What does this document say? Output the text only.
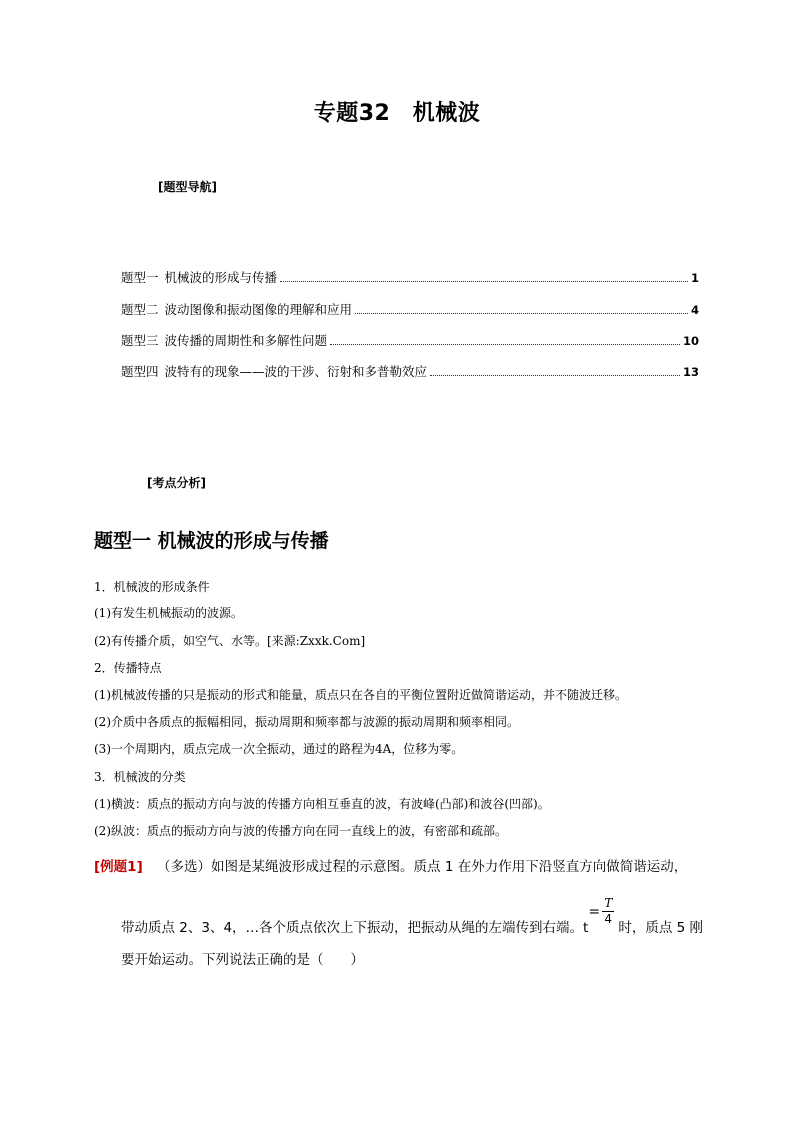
专题32　机械波
[题型导航]
题型一 机械波的形成与传播	1
题型二 波动图像和振动图像的理解和应用	4
题型三 波传播的周期性和多解性问题	10
题型四 波特有的现象——波的干涉、衍射和多普勒效应	13
[考点分析]
题型一 机械波的形成与传播
1．机械波的形成条件
(1)有发生机械振动的波源。
(2)有传播介质，如空气、水等。[来源:Zxxk.Com]
2．传播特点
(1)机械波传播的只是振动的形式和能量，质点只在各自的平衡位置附近做简谐运动，并不随波迁移。
(2)介质中各质点的振幅相同，振动周期和频率都与波源的振动周期和频率相同。
(3)一个周期内，质点完成一次全振动，通过的路程为4A，位移为零。
3．机械波的分类
(1)横波：质点的振动方向与波的传播方向相互垂直的波，有波峰(凸部)和波谷(凹部)。
(2)纵波：质点的振动方向与波的传播方向在同一直线上的波，有密部和疏部。
[例题1] （多选）如图是某绳波形成过程的示意图。质点 1 在外力作用下沿竖直方向做简谐运动，
带动质点 2、3、4，…各个质点依次上下振动，把振动从绳的左端传到右端。t
=
T
4
时，质点 5 刚
要开始运动。下列说法正确的是（　　）
